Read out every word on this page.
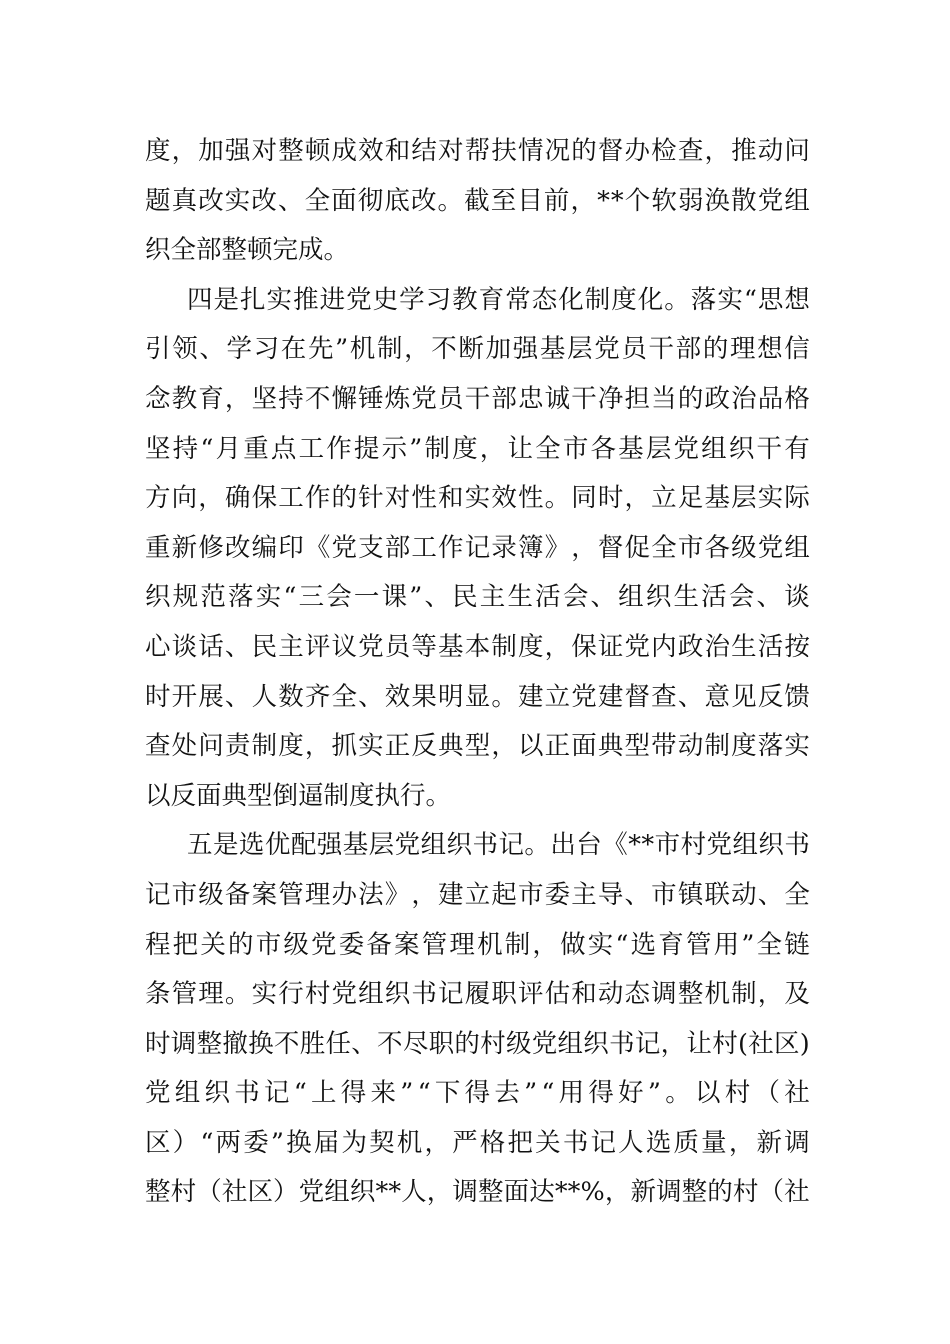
度 ， 加 强 对 整 顿 成 效 和 结 对 帮 扶 情 况 的 督 办 检 查 ， 推 动 问
题 真 改 实 改 、 全 面 彻 底 改 。 截 至 目 前 ， * * 个 软 弱 涣 散 党 组
织全部整顿完成。
四 是 扎 实 推 进 党 史 学 习 教 育 常 态 化 制 度 化 。 落 实 “ 思 想
引 领 、 学 习 在 先 ” 机 制 ， 不 断 加 强 基 层 党 员 干 部 的 理 想 信
念 教 育 ， 坚 持 不 懈 锤 炼 党 员 干 部 忠 诚 干 净 担 当 的 政 治 品 格
坚 持 “ 月 重 点 工 作 提 示 ” 制 度 ， 让 全 市 各 基 层 党 组 织 干 有
方 向 ， 确 保 工 作 的 针 对 性 和 实 效 性 。 同 时 ， 立 足 基 层 实 际
重 新 修 改 编 印 《 党 支 部 工 作 记 录 簿 》 ， 督 促 全 市 各 级 党 组
织 规 范 落 实 “ 三 会 一 课 ” 、 民 主 生 活 会 、 组 织 生 活 会 、 谈
心 谈 话 、 民 主 评 议 党 员 等 基 本 制 度 ， 保 证 党 内 政 治 生 活 按
时 开 展 、 人 数 齐 全 、 效 果 明 显 。 建 立 党 建 督 查 、 意 见 反 馈
查 处 问 责 制 度 ， 抓 实 正 反 典 型 ， 以 正 面 典 型 带 动 制 度 落 实
以反面典型倒逼制度执行。
五 是 选 优 配 强 基 层 党 组 织 书 记 。 出 台 《 * * 市 村 党 组 织 书
记 市 级 备 案 管 理 办 法 》 ， 建 立 起 市 委 主 导 、 市 镇 联 动 、 全
程 把 关 的 市 级 党 委 备 案 管 理 机 制 ， 做 实 “ 选 育 管 用 ” 全 链
条 管 理 。 实 行 村 党 组 织 书 记 履 职 评 估 和 动 态 调 整 机 制 ， 及
时 调 整 撤 换 不 胜 任 、 不 尽 职 的 村 级 党 组 织 书 记 ， 让 村 ( 社 区 )
党 组 织 书 记 “ 上 得 来 ” “ 下 得 去 ” “ 用 得 好 ” 。 以 村 （ 社
区 ） “ 两 委 ” 换 届 为 契 机 ， 严 格 把 关 书 记 人 选 质 量 ， 新 调
整 村 （ 社 区 ） 党 组 织 * * 人 ， 调 整 面 达 * * % ， 新 调 整 的 村 （ 社
